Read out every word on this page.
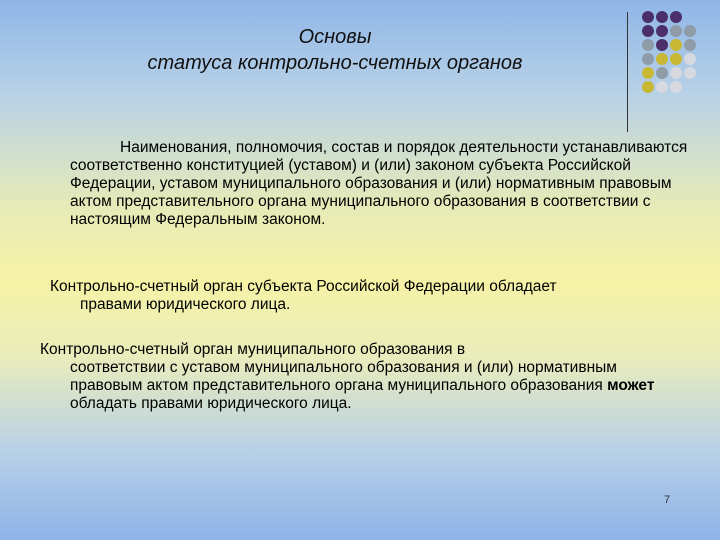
Основы
статуса контрольно-счетных органов
Наименования, полномочия, состав и порядок деятельности устанавливаются соответственно конституцией (уставом) и (или) законом субъекта Российской Федерации, уставом муниципального образования и (или) нормативным правовым актом представительного органа муниципального образования в соответствии с настоящим Федеральным законом.
Контрольно-счетный орган субъекта Российской Федерации обладает
правами юридического лица.
Контрольно-счетный орган муниципального образования в
соответствии с уставом муниципального образования и (или) нормативным правовым актом представительного органа муниципального образования может обладать правами юридического лица.
7
